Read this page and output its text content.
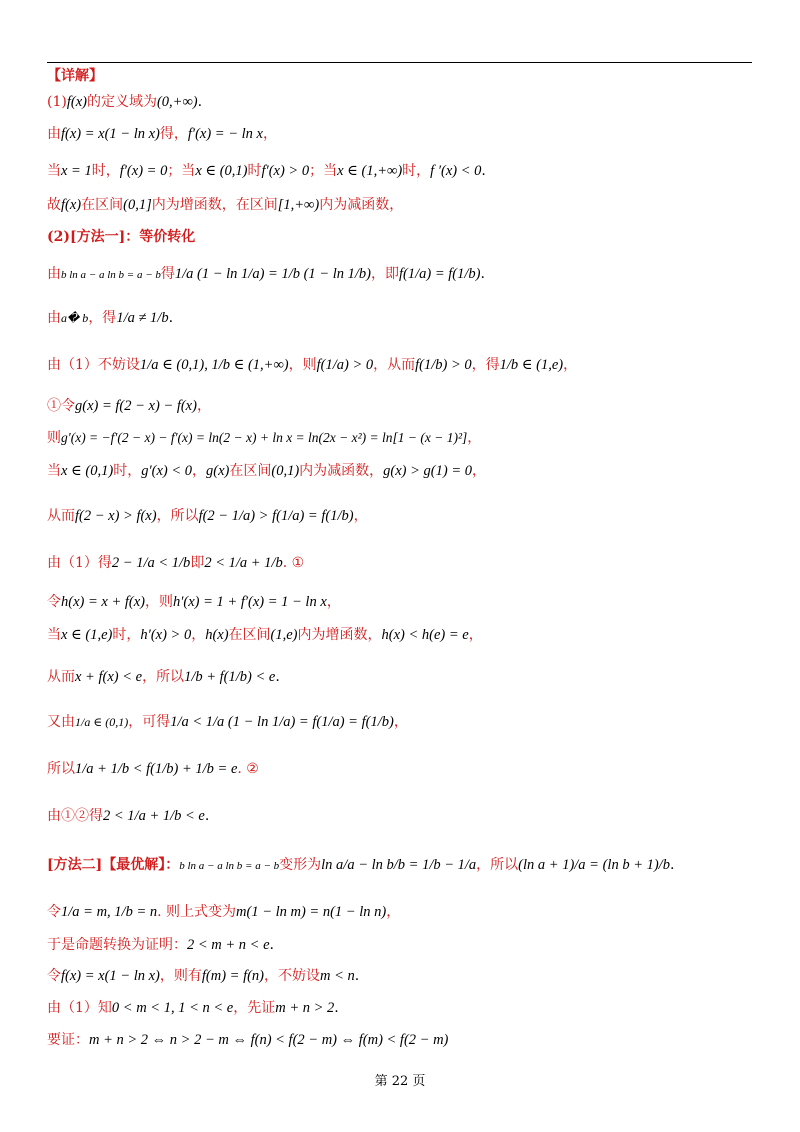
【详解】
(1)f(x)的定义域为(0,+∞).
由f(x) = x(1 − ln x)得，f′(x) = − ln x，
当x = 1时，f′(x) = 0；当x ∈ (0,1)时f′(x) > 0；当x ∈ (1,+∞)时，f ′(x) < 0.
故f(x)在区间(0,1]内为增函数，在区间[1,+∞)内为减函数，
(2)[方法一]：等价转化
由b ln a − a ln b = a − b得1/a (1 − ln 1/a) = 1/b (1 − ln 1/b)，即f(1/a) = f(1/b).
由a� b，得1/a ≠ 1/b.
由（1）不妨设1/a ∈ (0,1), 1/b ∈ (1,+∞)，则f(1/a) > 0，从而f(1/b) > 0，得1/b ∈ (1,e)，
①令g(x) = f(2 − x) − f(x)，
则g′(x) = −f′(2 − x) − f′(x) = ln(2 − x) + ln x = ln(2x − x²) = ln[1 − (x − 1)²]，
当x ∈ (0,1)时，g′(x) < 0，g(x)在区间(0,1)内为减函数，g(x) > g(1) = 0，
从而f(2 − x) > f(x)，所以f(2 − 1/a) > f(1/a) = f(1/b)，
由（1）得2 − 1/a < 1/b即2 < 1/a + 1/b. ①
令h(x) = x + f(x)，则h′(x) = 1 + f′(x) = 1 − ln x，
当x ∈ (1,e)时，h′(x) > 0，h(x)在区间(1,e)内为增函数，h(x) < h(e) = e，
从而x + f(x) < e，所以1/b + f(1/b) < e.
又由1/a ∈ (0,1)，可得1/a < 1/a (1 − ln 1/a) = f(1/a) = f(1/b)，
所以1/a + 1/b < f(1/b) + 1/b = e. ②
由①②得2 < 1/a + 1/b < e.
[方法二]【最优解】：b ln a − a ln b = a − b变形为ln a/a − ln b/b = 1/b − 1/a，所以(ln a + 1)/a = (ln b + 1)/b.
令1/a = m, 1/b = n. 则上式变为m(1 − ln m) = n(1 − ln n)，
于是命题转换为证明：2 < m + n < e.
令f(x) = x(1 − ln x)，则有f(m) = f(n)，不妨设m < n.
由（1）知0 < m < 1, 1 < n < e，先证m + n > 2.
要证：m + n > 2 ⇔ n > 2 − m ⇔ f(n) < f(2 − m) ⇔ f(m) < f(2 − m)
第 22 页
